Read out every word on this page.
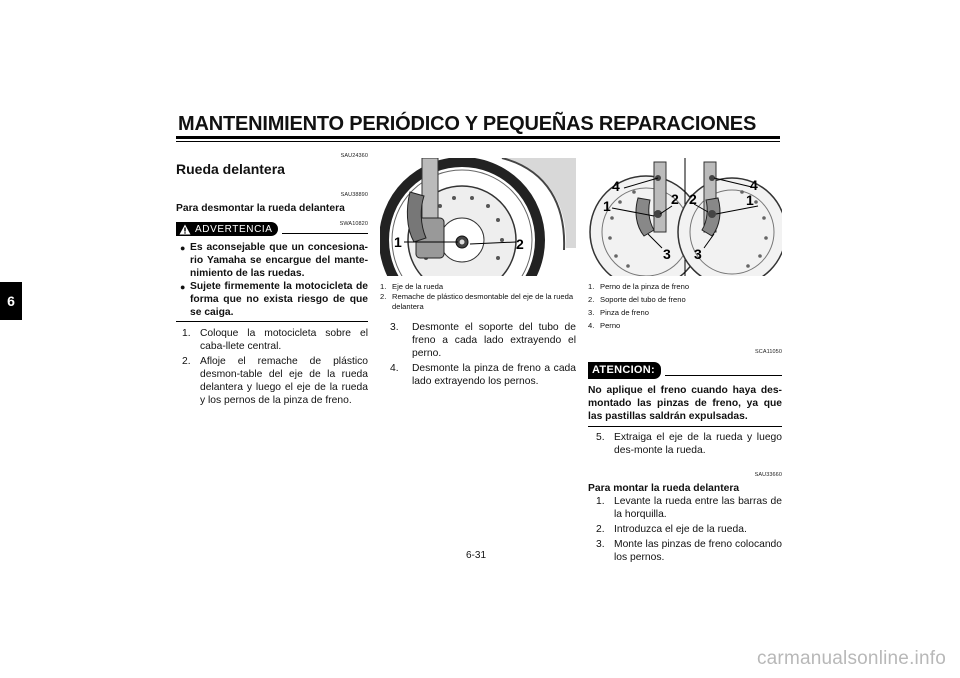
MANTENIMIENTO PERIÓDICO Y PEQUEÑAS REPARACIONES
6
SAU24360
Rueda delantera
SAU38890
Para desmontar la rueda delantera
SWA10820
ADVERTENCIA
● Es aconsejable que un concesiona-rio Yamaha se encargue del mante-nimiento de las ruedas.
● Sujete firmemente la motocicleta de forma que no exista riesgo de que se caiga.
1. Coloque la motocicleta sobre el caba-llete central.
2. Afloje el remache de plástico desmon-table del eje de la rueda delantera y luego el eje de la rueda y los pernos de la pinza de freno.
1	2
1. Eje de la rueda
2. Remache de plástico desmontable del eje de la rueda delantera
3.	Desmonte el soporte del tubo de freno a cada lado extrayendo el perno.
4.	Desmonte la pinza de freno a cada lado extrayendo los pernos.
4
1	2
3 3
2
4
1
1. Perno de la pinza de freno
2. Soporte del tubo de freno
3. Pinza de freno
4. Perno
SCA11050
ATENCION:
No aplique el freno cuando haya des-montado las pinzas de freno, ya que las pastillas saldrán expulsadas.
5. Extraiga el eje de la rueda y luego des-monte la rueda.
SAU33660
Para montar la rueda delantera
1. Levante la rueda entre las barras de la horquilla.
2. Introduzca el eje de la rueda.
3. Monte las pinzas de freno colocando los pernos.
6-31
carmanualsonline.info
